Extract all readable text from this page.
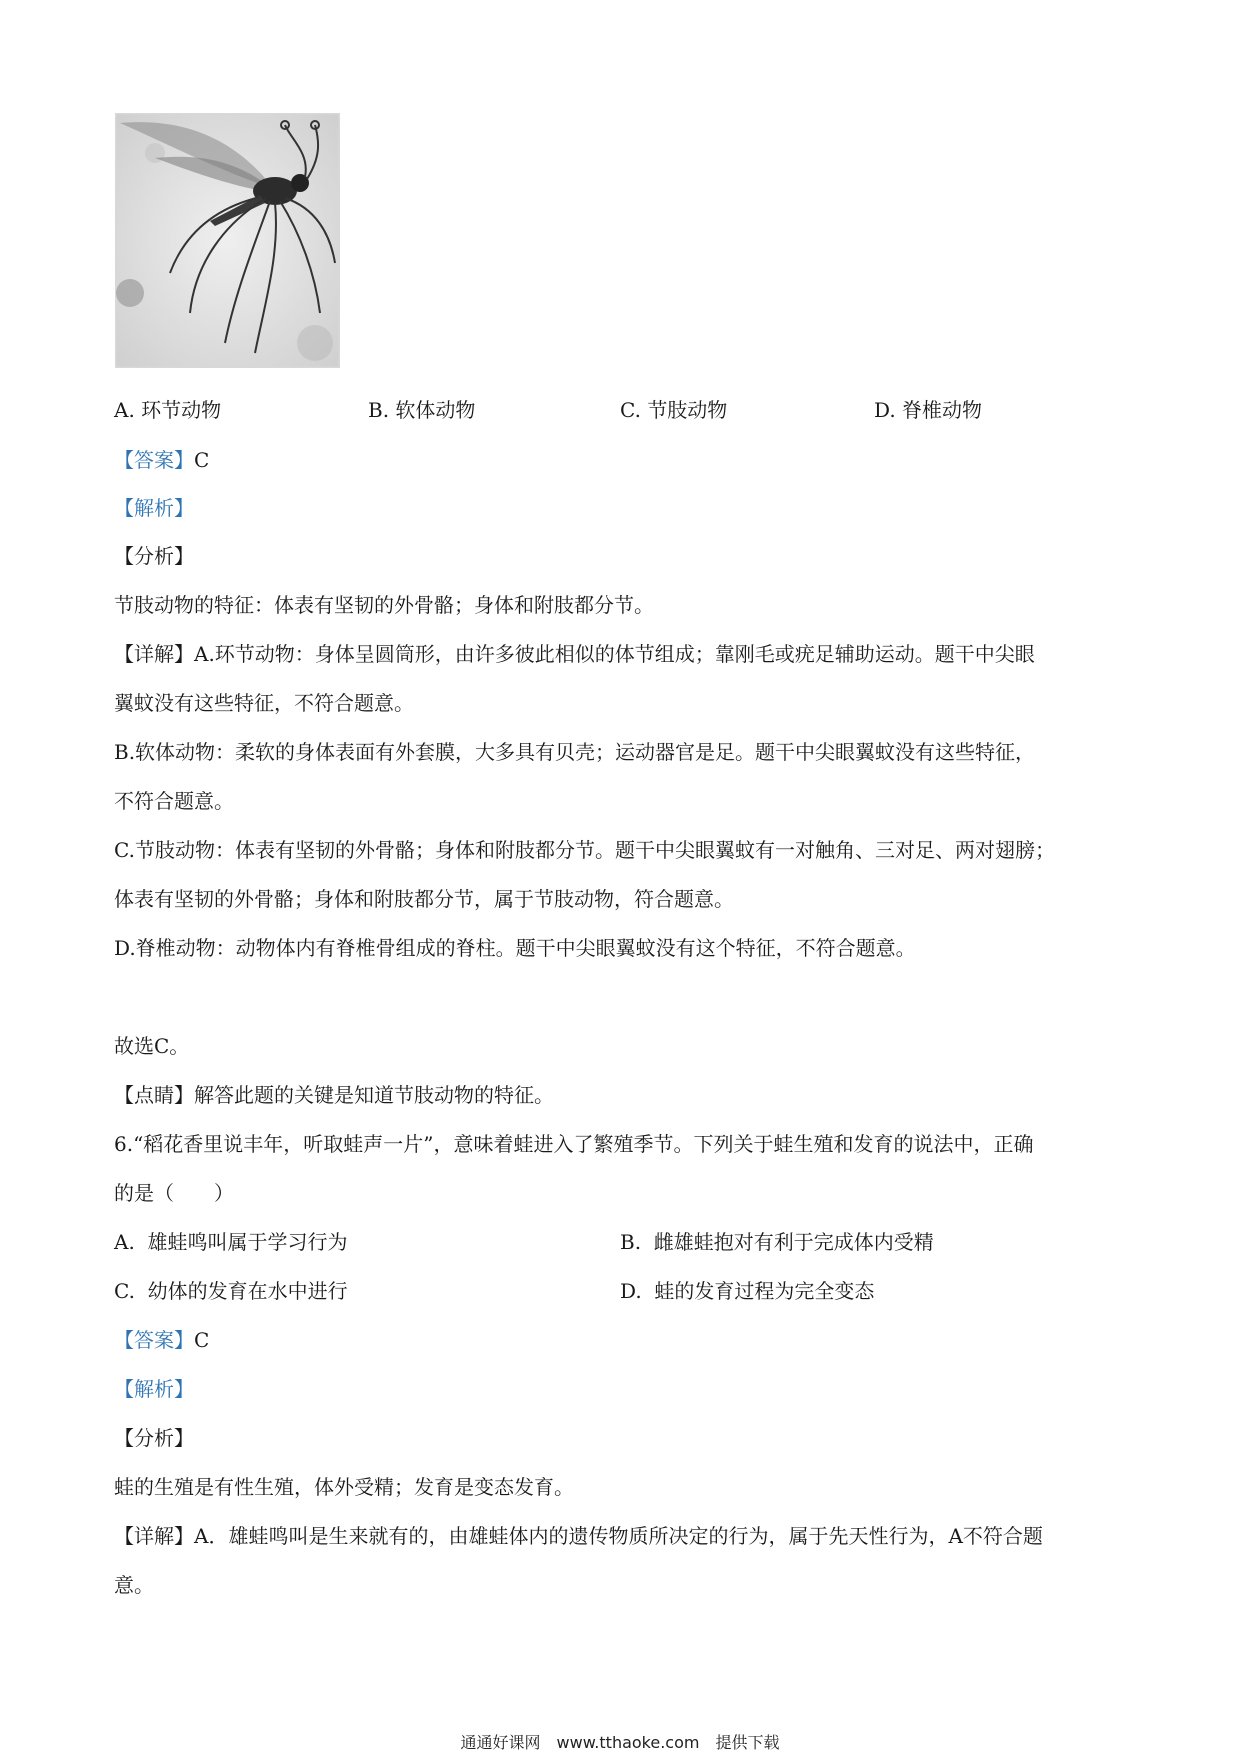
A. 环节动物	B. 软体动物	C. 节肢动物	D. 脊椎动物
【答案】C
【解析】
【分析】
节肢动物的特征：体表有坚韧的外骨骼；身体和附肢都分节。
【详解】A.环节动物：身体呈圆筒形，由许多彼此相似的体节组成；靠刚毛或疣足辅助运动。题干中尖眼
翼蚊没有这些特征，不符合题意。
B.软体动物：柔软的身体表面有外套膜，大多具有贝壳；运动器官是足。题干中尖眼翼蚊没有这些特征，
不符合题意。
C.节肢动物：体表有坚韧的外骨骼；身体和附肢都分节。题干中尖眼翼蚊有一对触角、三对足、两对翅膀；
体表有坚韧的外骨骼；身体和附肢都分节，属于节肢动物，符合题意。
D.脊椎动物：动物体内有脊椎骨组成的脊柱。题干中尖眼翼蚊没有这个特征，不符合题意。
故选C。
【点睛】解答此题的关键是知道节肢动物的特征。
6.“稻花香里说丰年，听取蛙声一片”，意味着蛙进入了繁殖季节。下列关于蛙生殖和发育的说法中，正确
的是（　　）
A. 雄蛙鸣叫属于学习行为	B. 雌雄蛙抱对有利于完成体内受精
C. 幼体的发育在水中进行	D. 蛙的发育过程为完全变态
【答案】C
【解析】
【分析】
蛙的生殖是有性生殖，体外受精；发育是变态发育。
【详解】A．雄蛙鸣叫是生来就有的，由雄蛙体内的遗传物质所决定的行为，属于先天性行为，A不符合题
意。
通通好课网　www.tthaoke.com　提供下载
